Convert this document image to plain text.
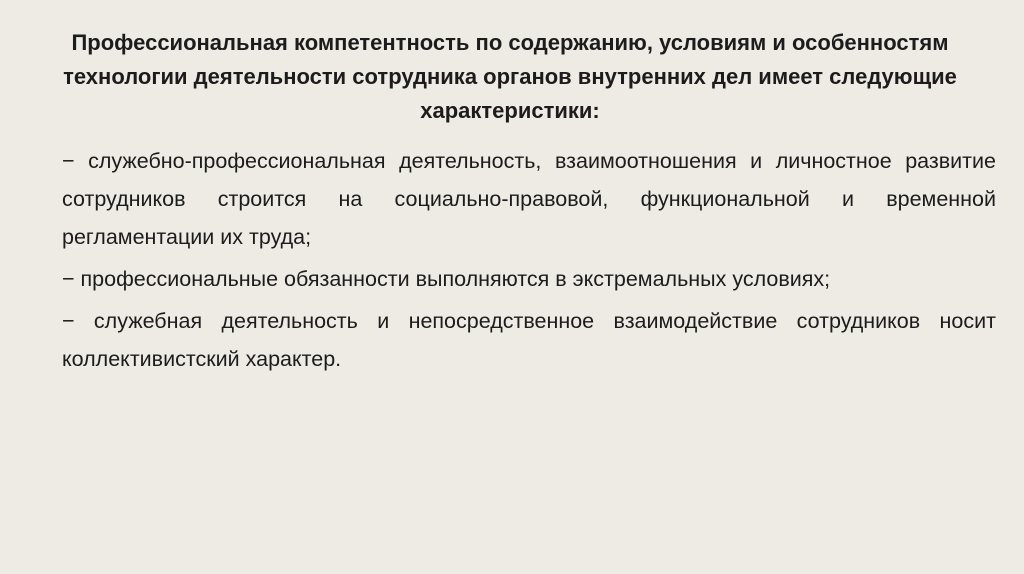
Профессиональная компетентность по содержанию, условиям и особенностям технологии деятельности сотрудника органов внутренних дел имеет следующие характеристики:
− служебно-профессиональная деятельность, взаимоотношения и личностное развитие сотрудников строится на социально-правовой, функциональной и временной регламентации их труда;
− профессиональные обязанности выполняются в экстремальных условиях;
− служебная деятельность и непосредственное взаимодействие сотрудников носит коллективистский характер.
